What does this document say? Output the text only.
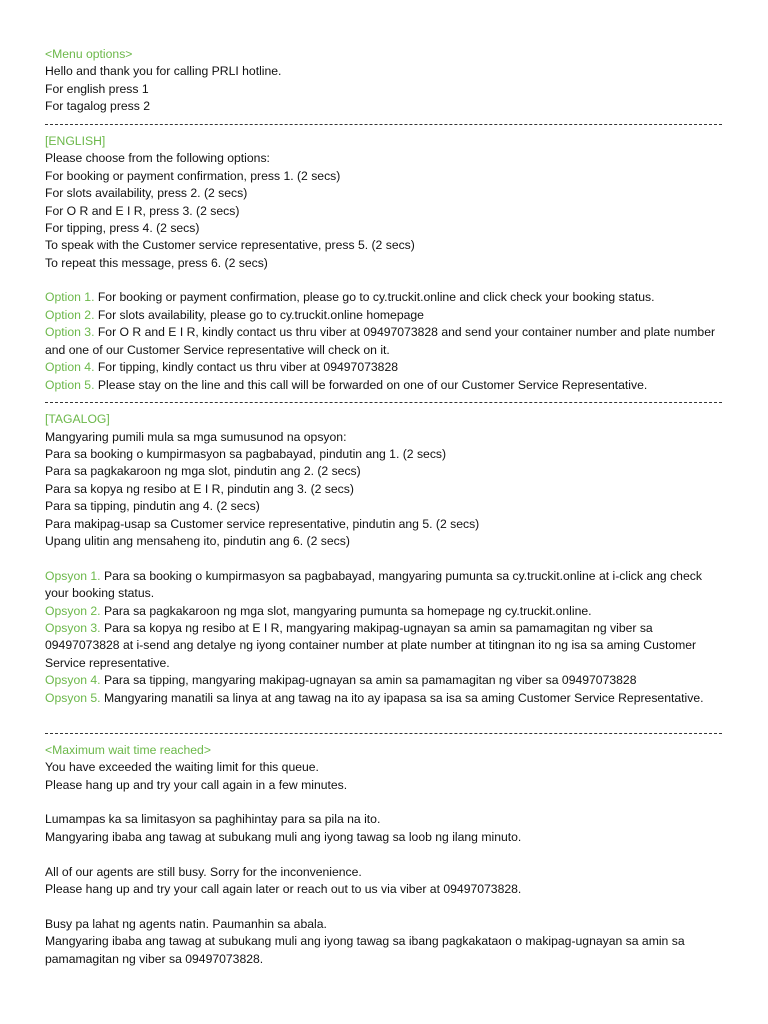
<Menu options>
Hello and thank you for calling PRLI hotline.
For english press 1
For tagalog press 2
[ENGLISH]
Please choose from the following options:
For booking or payment confirmation, press 1. (2 secs)
For slots availability, press 2. (2 secs)
For O R and E I R, press 3. (2 secs)
For tipping, press 4. (2 secs)
To speak with the Customer service representative, press 5. (2 secs)
To repeat this message, press 6. (2 secs)
Option 1. For booking or payment confirmation, please go to cy.truckit.online and click check your booking status.
Option 2. For slots availability, please go to cy.truckit.online homepage
Option 3. For O R and E I R, kindly contact us thru viber at 09497073828 and send your container number and plate number and one of our Customer Service representative will check on it.
Option 4. For tipping, kindly contact us thru viber at 09497073828
Option 5. Please stay on the line and this call will be forwarded on one of our Customer Service Representative.
[TAGALOG]
Mangyaring pumili mula sa mga sumusunod na opsyon:
Para sa booking o kumpirmasyon sa pagbabayad, pindutin ang 1. (2 secs)
Para sa pagkakaroon ng mga slot, pindutin ang 2. (2 secs)
Para sa kopya ng resibo at E I R, pindutin ang 3. (2 secs)
Para sa tipping, pindutin ang 4. (2 secs)
Para makipag-usap sa Customer service representative, pindutin ang 5. (2 secs)
Upang ulitin ang mensaheng ito, pindutin ang 6. (2 secs)
Opsyon 1. Para sa booking o kumpirmasyon sa pagbabayad, mangyaring pumunta sa cy.truckit.online at i-click ang check your booking status.
Opsyon 2. Para sa pagkakaroon ng mga slot, mangyaring pumunta sa homepage ng cy.truckit.online.
Opsyon 3. Para sa kopya ng resibo at E I R, mangyaring makipag-ugnayan sa amin sa pamamagitan ng viber sa 09497073828 at i-send ang detalye ng iyong container number at plate number at titingnan ito ng isa sa aming Customer Service representative.
Opsyon 4. Para sa tipping, mangyaring makipag-ugnayan sa amin sa pamamagitan ng viber sa 09497073828
Opsyon 5. Mangyaring manatili sa linya at ang tawag na ito ay ipapasa sa isa sa aming Customer Service Representative.
<Maximum wait time reached>
You have exceeded the waiting limit for this queue.
Please hang up and try your call again in a few minutes.
Lumampas ka sa limitasyon sa paghihintay para sa pila na ito.
Mangyaring ibaba ang tawag at subukang muli ang iyong tawag sa loob ng ilang minuto.
All of our agents are still busy. Sorry for the inconvenience.
Please hang up and try your call again later or reach out to us via viber at 09497073828.
Busy pa lahat ng agents natin. Paumanhin sa abala.
Mangyaring ibaba ang tawag at subukang muli ang iyong tawag sa ibang pagkakataon o makipag-ugnayan sa amin sa pamamagitan ng viber sa 09497073828.
